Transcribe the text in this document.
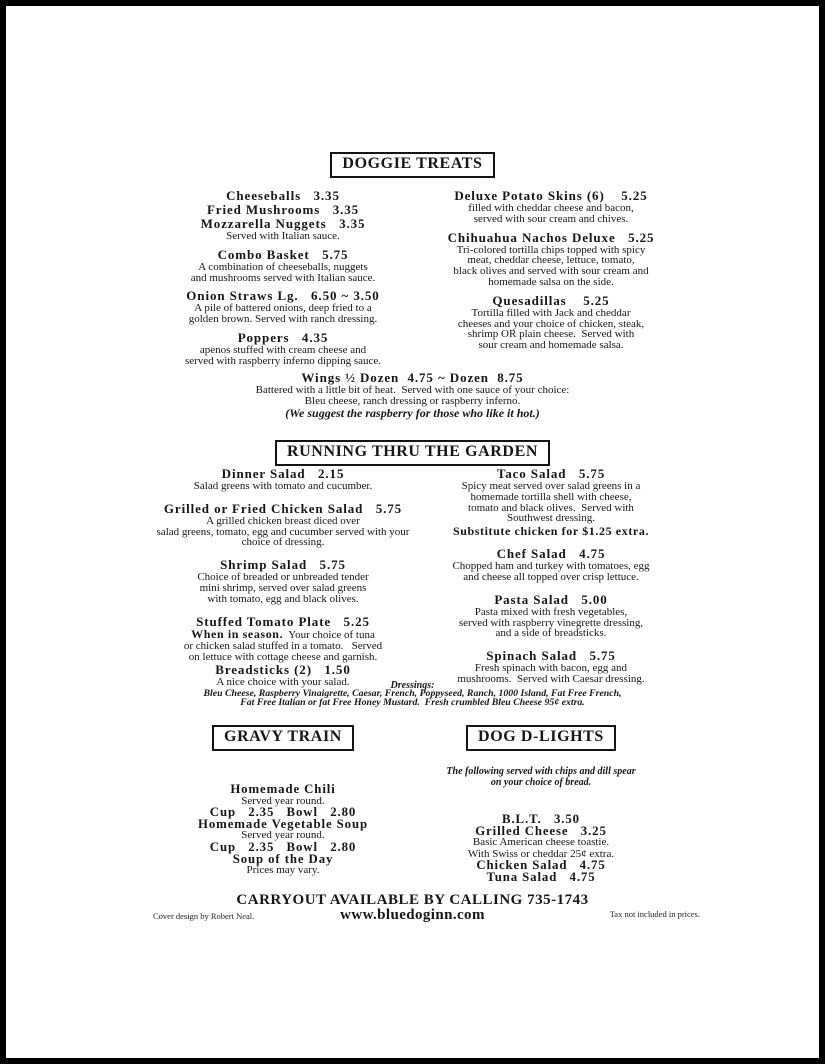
DOGGIE TREATS
Cheeseballs   3.35
Fried Mushrooms   3.35
Mozzarella Nuggets   3.35
Served with Italian sauce.
Combo Basket   5.75
A combination of cheeseballs, nuggets
and mushrooms served with Italian sauce.
Onion Straws Lg.   6.50 ~ 3.50
A pile of battered onions, deep fried to a
golden brown. Served with ranch dressing.
Poppers   4.35
apenos stuffed with cream cheese and
served with raspberry inferno dipping sauce.
Deluxe Potato Skins (6)    5.25
filled with cheddar cheese and bacon,
served with sour cream and chives.
Chihuahua Nachos Deluxe   5.25
Tri-colored tortilla chips topped with spicy
meat, cheddar cheese, lettuce, tomato,
black olives and served with sour cream and
homemade salsa on the side.
Quesadillas    5.25
Tortilla filled with Jack and cheddar
cheeses and your choice of chicken, steak,
shrimp OR plain cheese.  Served with
sour cream and homemade salsa.
Wings ½ Dozen  4.75 ~ Dozen  8.75
Battered with a little bit of heat.  Served with one sauce of your choice:
Bleu cheese, ranch dressing or raspberry inferno.
(We suggest the raspberry for those who like it hot.)
RUNNING THRU THE GARDEN
Dinner Salad   2.15
Salad greens with tomato and cucumber.
Grilled or Fried Chicken Salad   5.75
A grilled chicken breast diced over
salad greens, tomato, egg and cucumber served with your
choice of dressing.
Shrimp Salad   5.75
Choice of breaded or unbreaded tender
mini shrimp, served over salad greens
with tomato, egg and black olives.
Stuffed Tomato Plate   5.25
When in season.  Your choice of tuna
or chicken salad stuffed in a tomato.   Served
on lettuce with cottage cheese and garnish.
Breadsticks (2)   1.50
A nice choice with your salad.
Taco Salad   5.75
Spicy meat served over salad greens in a
homemade tortilla shell with cheese,
tomato and black olives.  Served with
Southwest dressing.
Substitute chicken for $1.25 extra.
Chef Salad   4.75
Chopped ham and turkey with tomatoes, egg
and cheese all topped over crisp lettuce.
Pasta Salad   5.00
Pasta mixed with fresh vegetables,
served with raspberry vinegrette dressing,
and a side of breadsticks.
Spinach Salad   5.75
Fresh spinach with bacon, egg and
mushrooms.  Served with Caesar dressing.
Dressings:
Bleu Cheese, Raspberry Vinaigrette, Caesar, French, Poppyseed, Ranch, 1000 Island, Fat Free French,
Fat Free Italian or fat Free Honey Mustard.  Fresh crumbled Bleu Cheese 95¢ extra.
GRAVY TRAIN
Homemade Chili
Served year round.
Cup   2.35   Bowl   2.80
Homemade Vegetable Soup
Served year round.
Cup   2.35   Bowl   2.80
Soup of the Day
Prices may vary.
DOG D-LIGHTS
The following served with chips and dill spear
on your choice of bread.
B.L.T.   3.50
Grilled Cheese   3.25
Basic American cheese toastie.
With Swiss or cheddar 25¢ extra.
Chicken Salad   4.75
Tuna Salad   4.75
CARRYOUT AVAILABLE BY CALLING 735-1743
www.bluedoginn.com
Cover design by Robert Neal.	Tax not included in prices.
